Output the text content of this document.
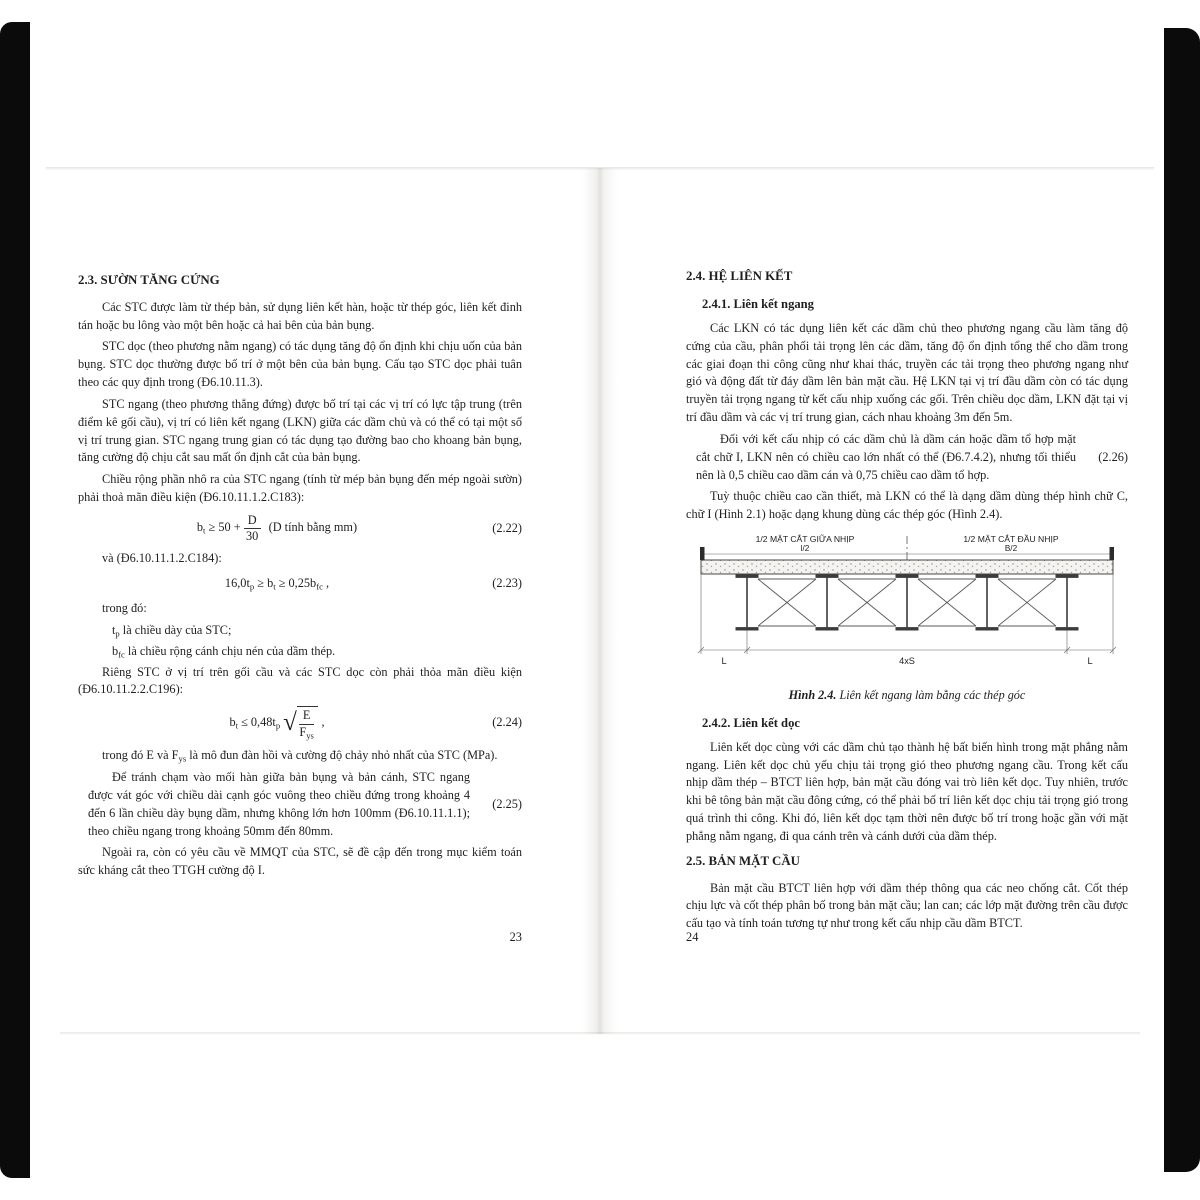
2.3. SƯỜN TĂNG CỨNG

Các STC được làm từ thép bản, sử dụng liên kết hàn, hoặc từ thép góc, liên kết đinh tán hoặc bu lông vào một bên hoặc cả hai bên của bản bụng.

STC dọc (theo phương nằm ngang) có tác dụng tăng độ ổn định khi chịu uốn của bản bụng. STC dọc thường được bố trí ở một bên của bản bụng. Cấu tạo STC dọc phải tuân theo các quy định trong (Đ6.10.11.3).

STC ngang (theo phương thẳng đứng) được bố trí tại các vị trí có lực tập trung (trên điểm kê gối cầu), vị trí có liên kết ngang (LKN) giữa các dầm chủ và có thể có tại một số vị trí trung gian. STC ngang trung gian có tác dụng tạo đường bao cho khoang bản bụng, tăng cường độ chịu cắt sau mất ổn định cắt của bản bụng.

Chiều rộng phần nhô ra của STC ngang (tính từ mép bản bụng đến mép ngoài sườn) phải thoả mãn điều kiện (Đ6.10.11.1.2.C183):

bt ≥ $50 + \frac{D}{30} (D$ tính bằng mm)	(2.22)

và (Đ6.10.11.1.2.C184):

16,0tp ≥ bt ≥ 0,25bfc ,	(2.23)

trong đó:

tp là chiều dày của STC;

bfc là chiều rộng cánh chịu nén của dầm thép.

Riêng STC ở vị trí trên gối cầu và các STC dọc còn phải thỏa mãn điều kiện (Đ6.10.11.2.2.C196):

bt ≤ 0,48tp √ $\frac{E}{\text{Fys}}$ ,	(2.24)

trong đó E và Fys là mô đun đàn hồi và cường độ chảy nhỏ nhất của STC (MPa).

Để tránh chạm vào mối hàn giữa bản bụng và bản cánh, STC ngang được vát góc với chiều dài cạnh góc vuông theo chiều đứng trong khoảng 4 đến 6 lần chiều dày bụng dầm, nhưng không lớn hơn 100mm (Đ6.10.11.1.1); theo chiều ngang trong khoảng 50mm đến 80mm.
(2.25)

Ngoài ra, còn có yêu cầu về MMQT của STC, sẽ đề cập đến trong mục kiểm toán sức kháng cắt theo TTGH cường độ I.

23
2.4. HỆ LIÊN KẾT
2.4.1. Liên kết ngang

Các LKN có tác dụng liên kết các dầm chủ theo phương ngang cầu làm tăng độ cứng của cầu, phân phối tải trọng lên các dầm, tăng độ ổn định tổng thể cho dầm trong các giai đoạn thi công cũng như khai thác, truyền các tải trọng theo phương ngang như gió và động đất từ đáy dầm lên bản mặt cầu. Hệ LKN tại vị trí đầu dầm còn có tác dụng truyền tải trọng ngang từ kết cấu nhịp xuống các gối. Trên chiều dọc dầm, LKN đặt tại vị trí đầu dầm và các vị trí trung gian, cách nhau khoảng 3m đến 5m.

Đối với kết cấu nhịp có các dầm chủ là dầm cán hoặc dầm tổ hợp mặt cắt chữ I, LKN nên có chiều cao lớn nhất có thể (Đ6.7.4.2), nhưng tối thiểu nên là 0,5 chiều cao dầm cán và 0,75 chiều cao dầm tổ hợp.
(2.26)

Tuỳ thuộc chiều cao cần thiết, mà LKN có thể là dạng dầm dùng thép hình chữ C, chữ I (Hình 2.1) hoặc dạng khung dùng các thép góc (Hình 2.4).

1/2 MẶT CẮT GIỮA NHỊP	1/2 MẶT CẮT ĐẦU NHỊP
l/2	B/2
L	4xS	L
Hình 2.4. Liên kết ngang làm bằng các thép góc
2.4.2. Liên kết dọc

Liên kết dọc cùng với các dầm chủ tạo thành hệ bất biến hình trong mặt phẳng nằm ngang. Liên kết dọc chủ yếu chịu tải trọng gió theo phương ngang cầu. Trong kết cấu nhịp dầm thép – BTCT liên hợp, bản mặt cầu đóng vai trò liên kết dọc. Tuy nhiên, trước khi bê tông bản mặt cầu đông cứng, có thể phải bố trí liên kết dọc chịu tải trọng gió trong quá trình thi công. Khi đó, liên kết dọc tạm thời nên được bố trí trong hoặc gần với mặt phẳng nằm ngang, đi qua cánh trên và cánh dưới của dầm thép.

2.5. BẢN MẶT CẦU

Bản mặt cầu BTCT liên hợp với dầm thép thông qua các neo chống cắt. Cốt thép chịu lực và cốt thép phân bố trong bản mặt cầu; lan can; các lớp mặt đường trên cầu được cấu tạo và tính toán tương tự như trong kết cấu nhịp cầu dầm BTCT.

24
